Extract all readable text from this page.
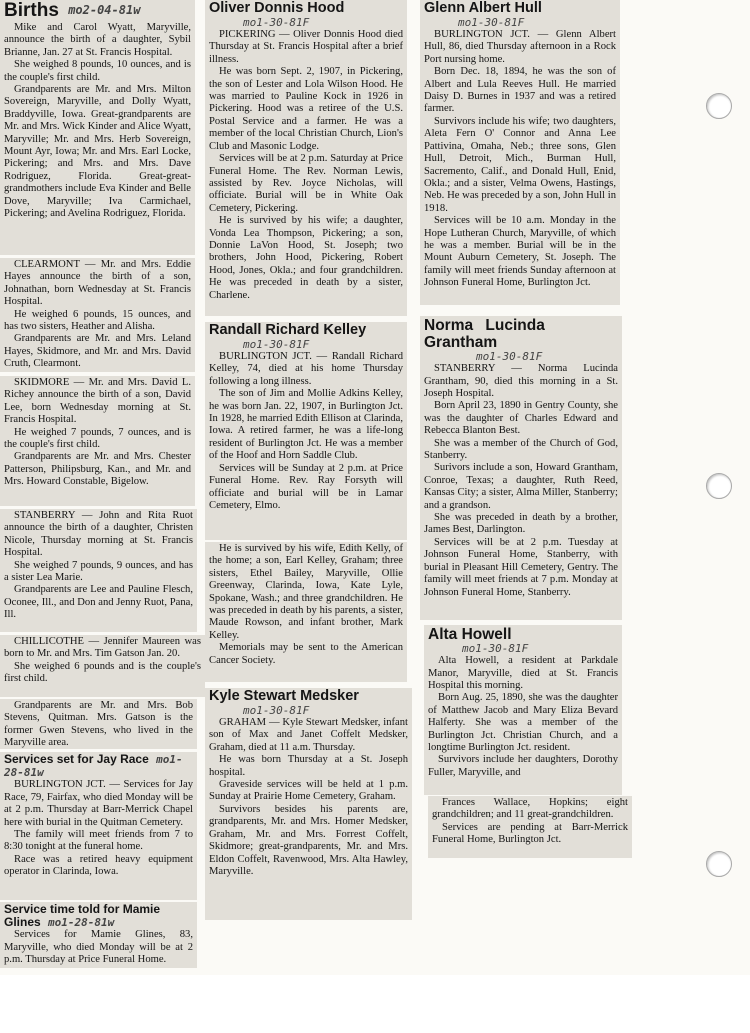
Births mo2-04-81w

Mike and Carol Wyatt, Maryville, announce the birth of a daughter, Sybil Brianne, Jan. 27 at St. Francis Hospital.

She weighed 8 pounds, 10 ounces, and is the couple's first child.

Grandparents are Mr. and Mrs. Milton Sovereign, Maryville, and Dolly Wyatt, Braddyville, Iowa. Great-grandparents are Mr. and Mrs. Wick Kinder and Alice Wyatt, Maryville; Mr. and Mrs. Herb Sovereign, Mount Ayr, Iowa; Mr. and Mrs. Earl Locke, Pickering; and Mrs. and Mrs. Dave Rodriguez, Florida. Great-great-grandmothers include Eva Kinder and Belle Dove, Maryville; Iva Carmichael, Pickering; and Avelina Rodriguez, Florida.

CLEARMONT — Mr. and Mrs. Eddie Hayes announce the birth of a son, Johnathan, born Wednesday at St. Francis Hospital.

He weighed 6 pounds, 15 ounces, and has two sisters, Heather and Alisha.

Grandparents are Mr. and Mrs. Leland Hayes, Skidmore, and Mr. and Mrs. David Cruth, Clearmont.

SKIDMORE — Mr. and Mrs. David L. Richey announce the birth of a son, David Lee, born Wednesday morning at St. Francis Hospital.

He weighed 7 pounds, 7 ounces, and is the couple's first child.

Grandparents are Mr. and Mrs. Chester Patterson, Philipsburg, Kan., and Mr. and Mrs. Howard Constable, Bigelow.

STANBERRY — John and Rita Ruot announce the birth of a daughter, Christen Nicole, Thursday morning at St. Francis Hospital.

She weighed 7 pounds, 9 ounces, and has a sister Lea Marie.

Grandparents are Lee and Pauline Flesch, Oconee, Ill., and Don and Jenny Ruot, Pana, Ill.

CHILLICOTHE — Jennifer Maureen was born to Mr. and Mrs. Tim Gatson Jan. 20.

She weighed 6 pounds and is the couple's first child.

Grandparents are Mr. and Mrs. Bob Stevens, Quitman. Mrs. Gatson is the former Gwen Stevens, who lived in the Maryville area.

Services set for Jay Race mo1-28-81w

BURLINGTON JCT. — Services for Jay Race, 79, Fairfax, who died Monday will be at 2 p.m. Thursday at Barr-Merrick Chapel here with burial in the Quitman Cemetery.

The family will meet friends from 7 to 8:30 tonight at the funeral home.

Race was a retired heavy equipment operator in Clarinda, Iowa.

Service time told for Mamie Glines mo1-28-81w

Services for Mamie Glines, 83, Maryville, who died Monday will be at 2 p.m. Thursday at Price Funeral Home.

Oliver Donnis Hood
mo1-30-81F

PICKERING — Oliver Donnis Hood died Thursday at St. Francis Hospital after a brief illness.

He was born Sept. 2, 1907, in Pickering, the son of Lester and Lola Wilson Hood. He was married to Pauline Kock in 1926 in Pickering. Hood was a retiree of the U.S. Postal Service and a farmer. He was a member of the local Christian Church, Lion's Club and Masonic Lodge.

Services will be at 2 p.m. Saturday at Price Funeral Home. The Rev. Norman Lewis, assisted by Rev. Joyce Nicholas, will officiate. Burial will be in White Oak Cemetery, Pickering.

He is survived by his wife; a daughter, Vonda Lea Thompson, Pickering; a son, Donnie LaVon Hood, St. Joseph; two brothers, John Hood, Pickering, Robert Hood, Jones, Okla.; and four grandchildren. He was preceded in death by a sister, Charlene.

Randall Richard Kelley
mo1-30-81F

BURLINGTON JCT. — Randall Richard Kelley, 74, died at his home Thursday following a long illness.

The son of Jim and Mollie Adkins Kelley, he was born Jan. 22, 1907, in Burlington Jct. In 1928, he married Edith Ellison at Clarinda, Iowa. A retired farmer, he was a life-long resident of Burlington Jct. He was a member of the Hoof and Horn Saddle Club.

Services will be Sunday at 2 p.m. at Price Funeral Home. Rev. Ray Forsyth will officiate and burial will be in Lamar Cemetery, Elmo.

He is survived by his wife, Edith Kelly, of the home; a son, Earl Kelley, Graham; three sisters, Ethel Bailey, Maryville, Ollie Greenway, Clarinda, Iowa, Kate Lyle, Spokane, Wash.; and three grandchildren. He was preceded in death by his parents, a sister, Maude Rowson, and infant brother, Mark Kelley.

Memorials may be sent to the American Cancer Society.

Kyle Stewart Medsker
mo1-30-81F

GRAHAM — Kyle Stewart Medsker, infant son of Max and Janet Coffelt Medsker, Graham, died at 11 a.m. Thursday.

He was born Thursday at a St. Joseph hospital.

Graveside services will be held at 1 p.m. Sunday at Prairie Home Cemetery, Graham.

Survivors besides his parents are, grandparents, Mr. and Mrs. Homer Medsker, Graham, Mr. and Mrs. Forrest Coffelt, Skidmore; great-grandparents, Mr. and Mrs. Eldon Coffelt, Ravenwood, Mrs. Alta Hawley, Maryville.

Glenn Albert Hull
mo1-30-81F

BURLINGTON JCT. — Glenn Albert Hull, 86, died Thursday afternoon in a Rock Port nursing home.

Born Dec. 18, 1894, he was the son of Albert and Lula Reeves Hull. He married Daisy D. Burnes in 1937 and was a retired farmer.

Survivors include his wife; two daughters, Aleta Fern O' Connor and Anna Lee Pattivina, Omaha, Neb.; three sons, Glen Hull, Detroit, Mich., Burman Hull, Sacremento, Calif., and Donald Hull, Enid, Okla.; and a sister, Velma Owens, Hastings, Neb. He was preceded by a son, John Hull in 1918.

Services will be 10 a.m. Monday in the Hope Lutheran Church, Maryville, of which he was a member. Burial will be in the Mount Auburn Cemetery, St. Joseph. The family will meet friends Sunday afternoon at Johnson Funeral Home, Burlington Jct.

Norma Lucinda Grantham
mo1-30-81F

STANBERRY — Norma Lucinda Grantham, 90, died this morning in a St. Joseph Hospital.

Born April 23, 1890 in Gentry County, she was the daughter of Charles Edward and Rebecca Blanton Best.

She was a member of the Church of God, Stanberry.

Surivors include a son, Howard Grantham, Conroe, Texas; a daughter, Ruth Reed, Kansas City; a sister, Alma Miller, Stanberry; and a grandson.

She was preceded in death by a brother, James Best, Darlington.

Services will be at 2 p.m. Tuesday at Johnson Funeral Home, Stanberry, with burial in Pleasant Hill Cemetery, Gentry. The family will meet friends at 7 p.m. Monday at Johnson Funeral Home, Stanberry.

Alta Howell
mo1-30-81F

Alta Howell, a resident at Parkdale Manor, Maryville, died at St. Francis Hospital this morning.

Born Aug. 25, 1890, she was the daughter of Matthew Jacob and Mary Eliza Bevard Halferty. She was a member of the Burlington Jct. Christian Church, and a longtime Burlington Jct. resident.

Survivors include her daughters, Dorothy Fuller, Maryville, and

Frances Wallace, Hopkins; eight grandchildren; and 11 great-grandchildren.

Services are pending at Barr-Merrick Funeral Home, Burlington Jct.
